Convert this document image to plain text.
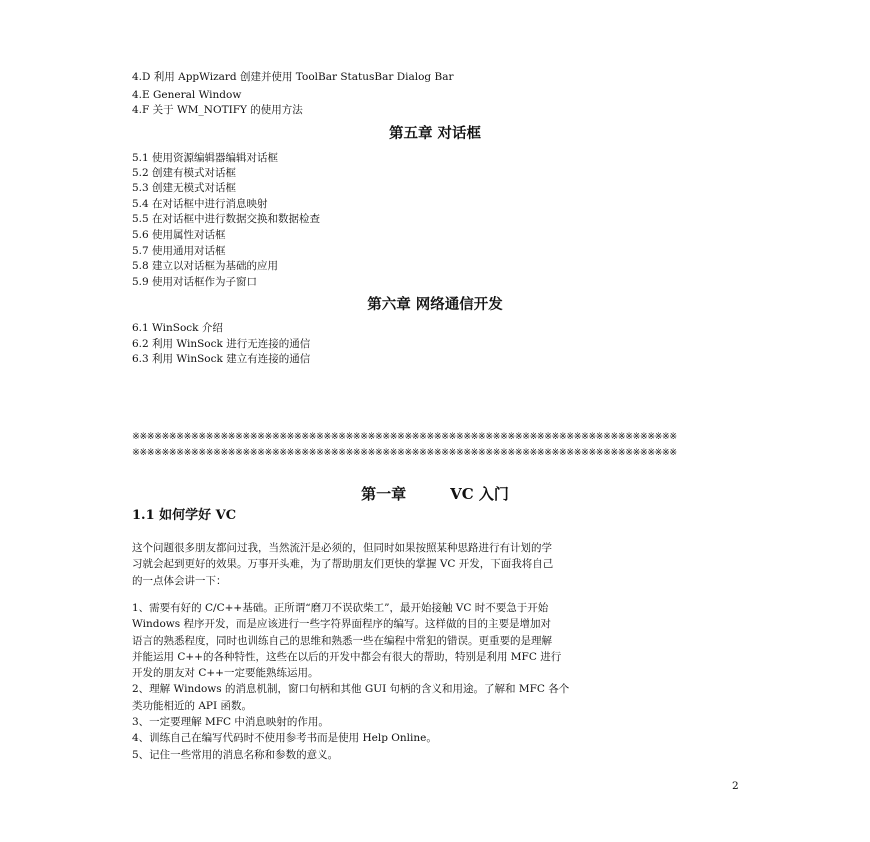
4.D 利用 AppWizard 创建并使用 ToolBar StatusBar Dialog Bar
4.E General Window
4.F 关于 WM_NOTIFY 的使用方法
第五章 对话框
5.1 使用资源编辑器编辑对话框
5.2 创建有模式对话框
5.3 创建无模式对话框
5.4 在对话框中进行消息映射
5.5 在对话框中进行数据交换和数据检查
5.6 使用属性对话框
5.7 使用通用对话框
5.8 建立以对话框为基础的应用
5.9 使用对话框作为子窗口
第六章 网络通信开发
6.1 WinSock 介绍
6.2 利用 WinSock 进行无连接的通信
6.3 利用 WinSock 建立有连接的通信
※※※※※※※※※※※※※※※※※※※※※※※※※※※※※※※※※※※※※※※※※※※※※※※※※※※※※※※※※※※※※※※※※※※※※※※※※※
※※※※※※※※※※※※※※※※※※※※※※※※※※※※※※※※※※※※※※※※※※※※※※※※※※※※※※※※※※※※※※※※※※※※※※※※※※
第一章	VC 入门
1.1 如何学好 VC
这个问题很多朋友都问过我，当然流汗是必须的，但同时如果按照某种思路进行有计划的学
习就会起到更好的效果。万事开头难，为了帮助朋友们更快的掌握 VC 开发，下面我将自己
的一点体会讲一下：
1、需要有好的 C/C++基础。正所谓“磨刀不误砍柴工”，最开始接触 VC 时不要急于开始
Windows 程序开发，而是应该进行一些字符界面程序的编写。这样做的目的主要是增加对
语言的熟悉程度，同时也训练自己的思维和熟悉一些在编程中常犯的错误。更重要的是理解
并能运用 C++的各种特性，这些在以后的开发中都会有很大的帮助，特别是利用 MFC 进行
开发的朋友对 C++一定要能熟练运用。
2、理解 Windows 的消息机制，窗口句柄和其他 GUI 句柄的含义和用途。了解和 MFC 各个
类功能相近的 API 函数。
3、一定要理解 MFC 中消息映射的作用。
4、训练自己在编写代码时不使用参考书而是使用 Help Online。
5、记住一些常用的消息名称和参数的意义。
2
